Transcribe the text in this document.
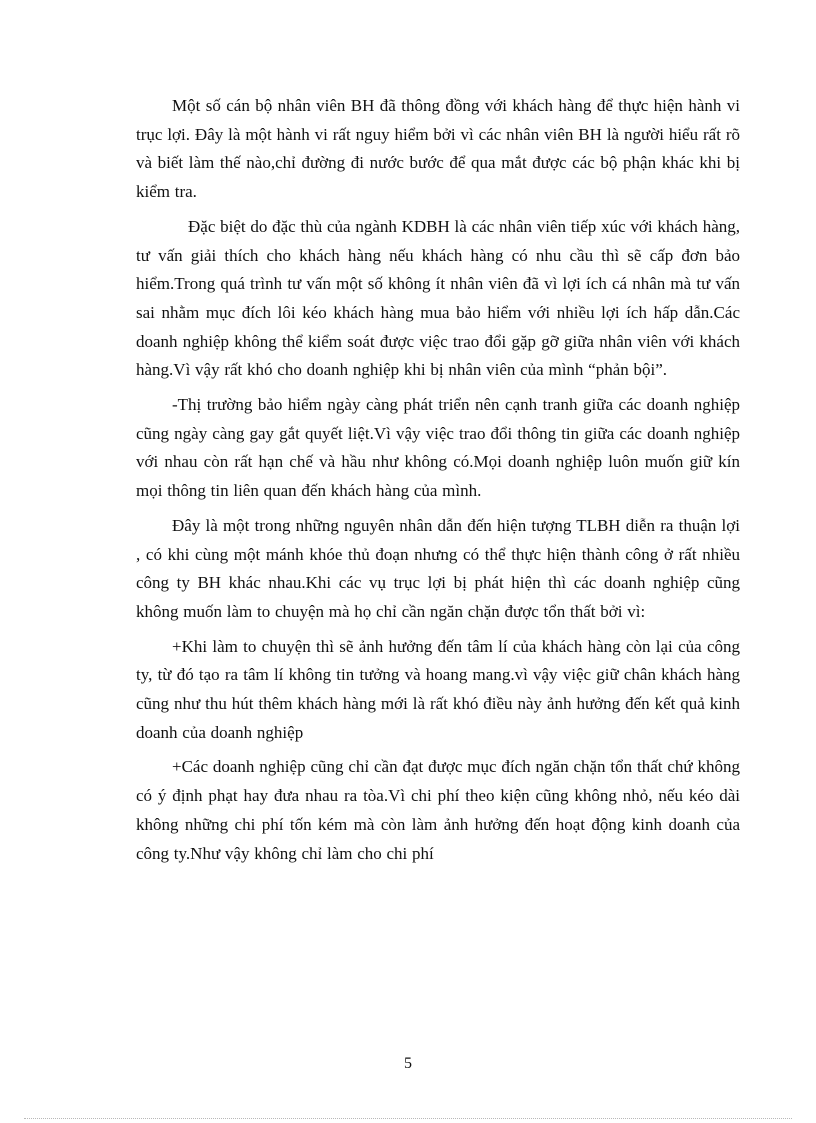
Một số cán bộ nhân viên BH đã thông đồng với khách hàng để thực hiện hành vi trục lợi. Đây là một hành vi rất nguy hiểm bởi vì các nhân viên BH là người hiểu rất rõ và biết làm thế nào,chỉ đường đi nước bước để qua mắt được các bộ phận khác khi bị kiểm tra.

Đặc biệt do đặc thù của ngành KDBH là các nhân viên tiếp xúc với khách hàng, tư vấn giải thích cho khách hàng nếu khách hàng có nhu cầu thì sẽ cấp đơn bảo hiểm.Trong quá trình tư vấn một số không ít nhân viên đã vì lợi ích cá nhân mà tư vấn sai nhằm mục đích lôi kéo khách hàng mua bảo hiểm với nhiều lợi ích hấp dẫn.Các doanh nghiệp không thể kiểm soát được việc trao đổi gặp gỡ giữa nhân viên với khách hàng.Vì vậy rất khó cho doanh nghiệp khi bị nhân viên của mình “phản bội”.

-Thị trường bảo hiểm ngày càng phát triển nên cạnh tranh giữa các doanh nghiệp cũng ngày càng gay gắt quyết liệt.Vì vậy việc trao đổi thông tin giữa các doanh nghiệp với nhau còn rất hạn chế và hầu như không có.Mọi doanh nghiệp luôn muốn giữ kín mọi thông tin liên quan đến khách hàng của mình.

Đây là một trong những nguyên nhân dẫn đến hiện tượng TLBH diễn ra thuận lợi , có khi cùng một mánh khóe thủ đoạn nhưng có thể thực hiện thành công ở rất nhiều công ty BH khác nhau.Khi các vụ trục lợi bị phát hiện thì các doanh nghiệp cũng không muốn làm to chuyện mà họ chỉ cần ngăn chặn được tổn thất bởi vì:

+Khi làm to chuyện thì sẽ ảnh hưởng đến tâm lí của khách hàng còn lại của công ty, từ đó tạo ra tâm lí không tin tưởng và hoang mang.vì vậy việc giữ chân khách hàng cũng như thu hút thêm khách hàng mới là rất khó điều này ảnh hưởng đến kết quả kinh doanh của doanh nghiệp

+Các doanh nghiệp cũng chỉ cần đạt được mục đích ngăn chặn tổn thất chứ không có ý định phạt hay đưa nhau ra tòa.Vì chi phí theo kiện cũng không nhỏ, nếu kéo dài không những chi phí tốn kém mà còn làm ảnh hưởng đến hoạt động kinh doanh của công ty.Như vậy không chỉ làm cho chi phí

5
